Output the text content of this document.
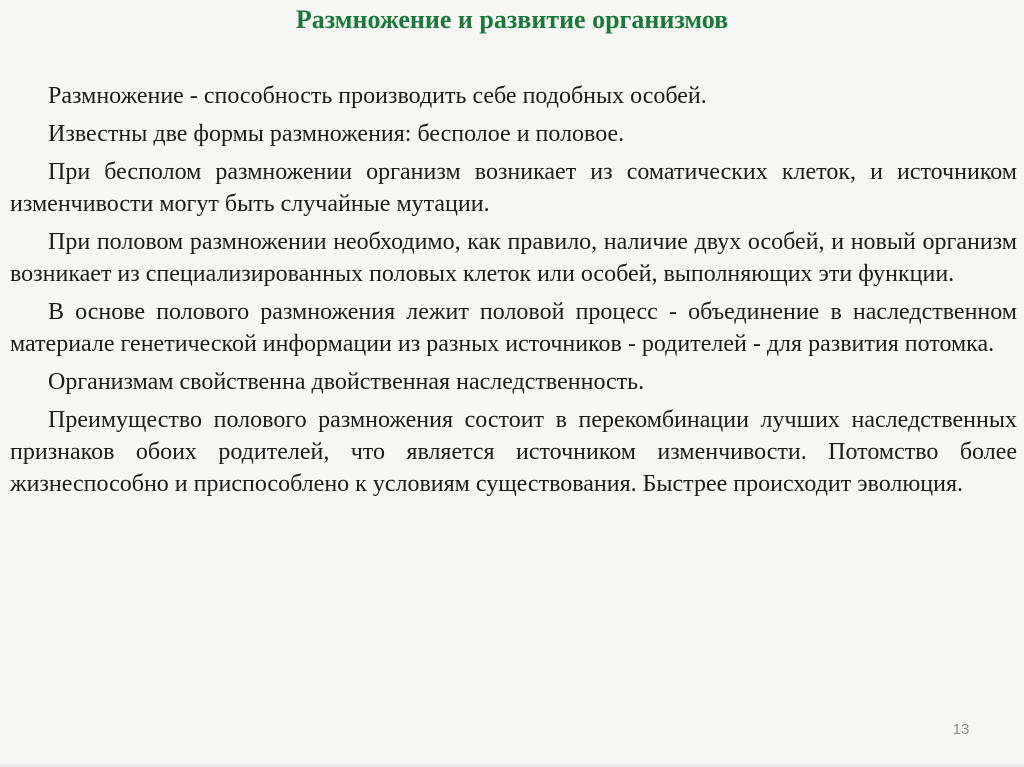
Размножение и развитие организмов

Размножение - способность производить себе подобных особей.

Известны две формы размножения: бесполое и половое.

При бесполом размножении организм возникает из соматических клеток, и источником изменчивости могут быть случайные мутации.

При половом размножении необходимо, как правило, наличие двух особей, и новый организм возникает из специализированных половых клеток или особей, выполняющих эти функции.

В основе полового размножения лежит половой процесс - объединение в наследственном материале генетической информации из разных источников - родителей - для развития потомка.

Организмам свойственна двойственная наследственность.

Преимущество полового размножения состоит в перекомбинации лучших наследственных признаков обоих родителей, что является источником изменчивости. Потомство более жизнеспособно и приспособлено к условиям существования. Быстрее происходит эволюция.

13
